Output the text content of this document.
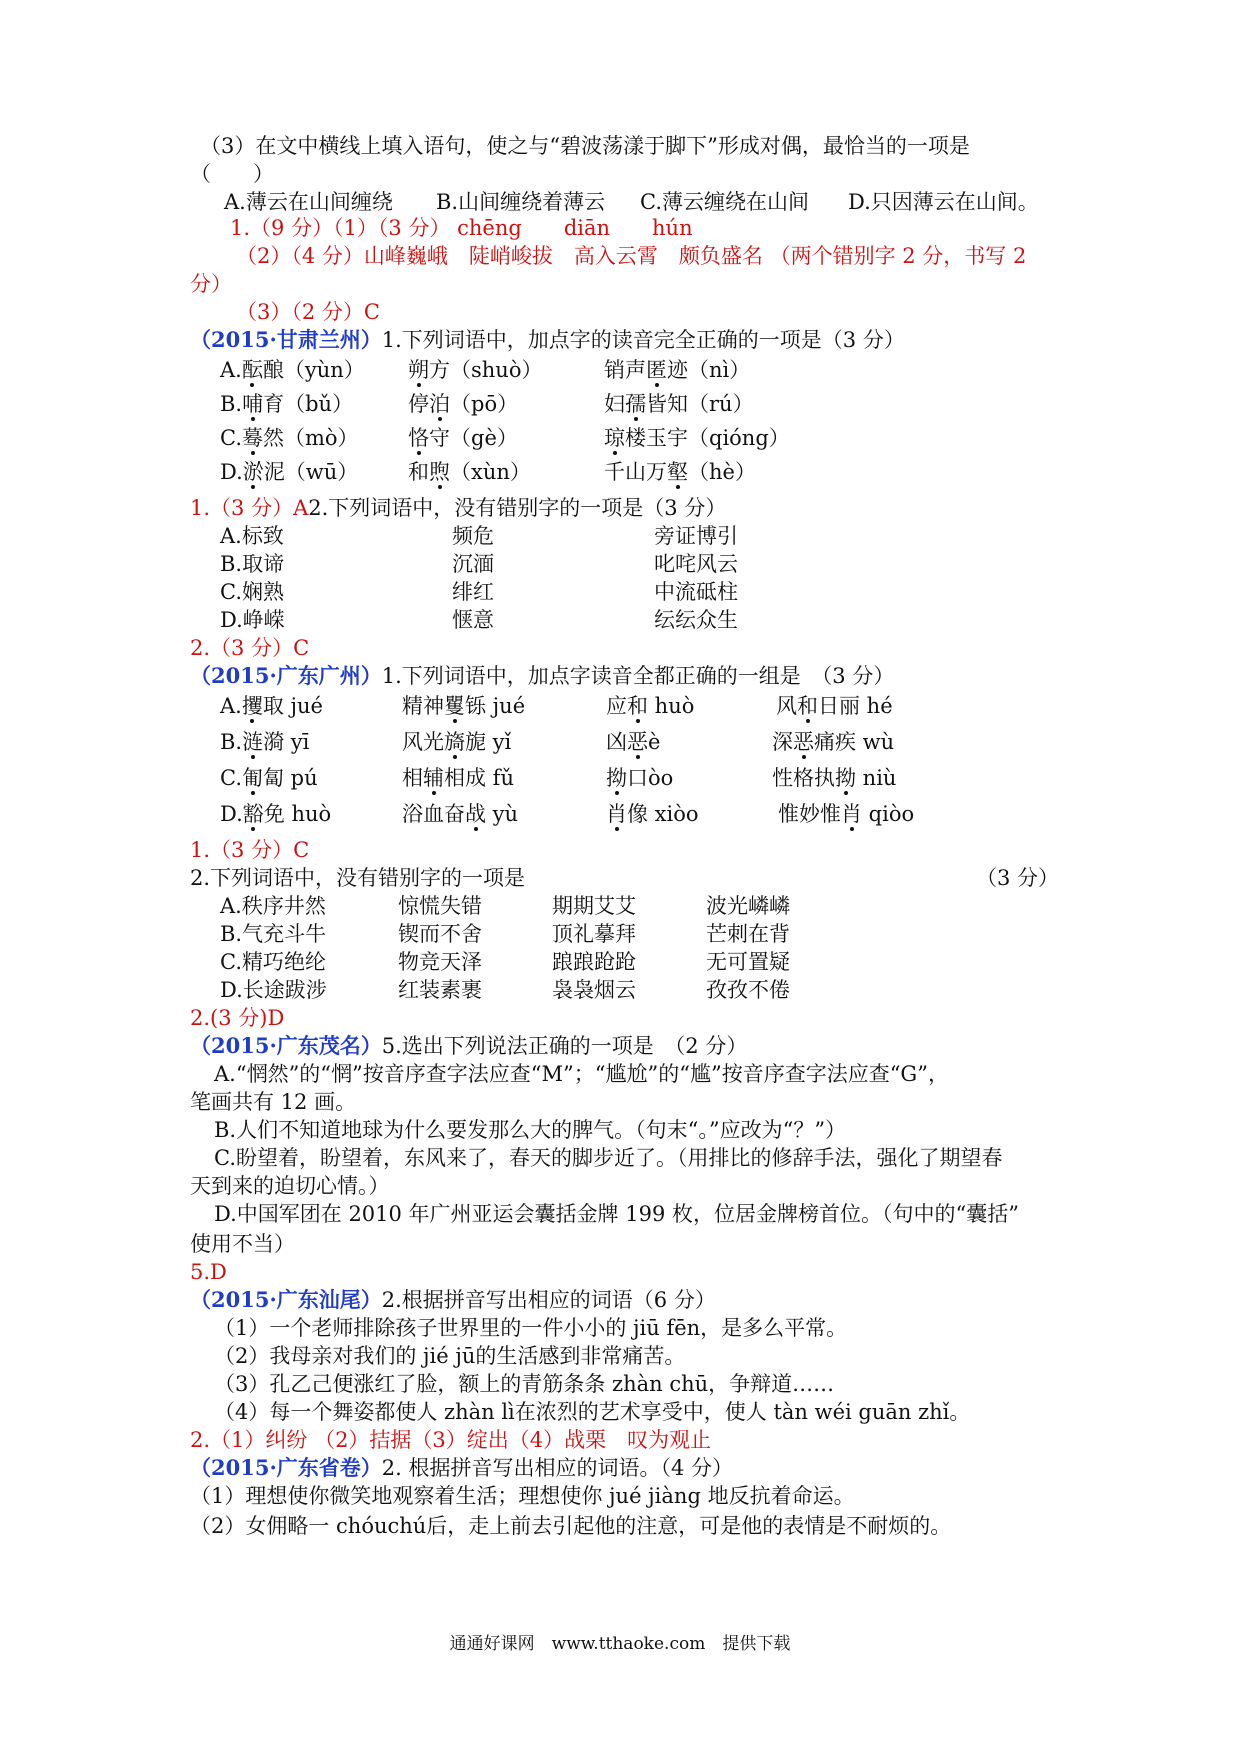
（3）在文中横线上填入语句，使之与“碧波荡漾于脚下”形成对偶，最恰当的一项是
（　　）
A.薄云在山间缠绕 B.山间缠绕着薄云 C.薄云缠绕在山间 D.只因薄云在山间。
1.（9 分）（1）（3 分） chēng　　diān　　hún
（2）（4 分）山峰巍峨　陡峭峻拔　高入云霄　颇负盛名 （两个错别字 2 分，书写 2
分）
（3）（2 分）C
（2015·甘肃兰州）1.下列词语中，加点字的读音完全正确的一项是（3 分）
A.酝酿（yùn） 朔方（shuò）	销声匿迹（nì）
B.哺育（bǔ）	停泊（pō）	妇孺皆知（rú）
C.蓦然（mò） 恪守（gè）	琼楼玉宇（qióng）
D.淤泥（wū） 和煦（xùn）	千山万壑（hè）
1.（3 分）A2.下列词语中，没有错别字的一项是（3 分）
A.标致	频危	旁证博引
B.取谛	沉湎	叱咤风云
C.娴熟	绯红	中流砥柱
D.峥嵘	惬意	纭纭众生
2.（3 分）C
（2015·广东广州）1.下列词语中，加点字读音全都正确的一组是　（3 分）
A.攫取 jué	精神矍铄 jué	应和 huò	风和日丽 hé
B.涟漪 yī	风光旖旎 yǐ	凶恶è	深恶痛疾 wù
C.匍匐 pú	相辅相成 fǔ	拗口òo	性格执拗 niù
D.豁免 huò	浴血奋战 yù	肖像 xiòo	惟妙惟肖 qiòo
1.（3 分）C
2.下列词语中，没有错别字的一项是	（3 分）
A.秩序井然	惊慌失错	期期艾艾	波光嶙嶙
B.气充斗牛	锲而不舍	顶礼摹拜	芒刺在背
C.精巧绝纶	物竞天泽	踉踉跄跄	无可置疑
D.长途跋涉	红装素裹	袅袅烟云	孜孜不倦
2.(3 分)D
（2015·广东茂名）5.选出下列说法正确的一项是　（2 分）
A.“惘然”的“惘”按音序查字法应查“M”；“尴尬”的“尴”按音序查字法应查“G”，
笔画共有 12 画。
B.人们不知道地球为什么要发那么大的脾气。（句末“。”应改为“？”）
C.盼望着，盼望着，东风来了，春天的脚步近了。（用排比的修辞手法，强化了期望春
天到来的迫切心情。）
D.中国军团在 2010 年广州亚运会囊括金牌 199 枚，位居金牌榜首位。（句中的“囊括”
使用不当）
5.D
（2015·广东汕尾）2.根据拼音写出相应的词语（6 分）
（1）一个老师排除孩子世界里的一件小小的 jiū fēn，是多么平常。
（2）我母亲对我们的 jié jū的生活感到非常痛苦。
（3）孔乙己便涨红了脸，额上的青筋条条 zhàn chū，争辩道……
（4）每一个舞姿都使人 zhàn lì在浓烈的艺术享受中，使人 tàn wéi guān zhǐ。
2.（1）纠纷 （2）拮据（3）绽出（4）战栗　叹为观止
（2015·广东省卷）2. 根据拼音写出相应的词语。（4 分）
（1）理想使你微笑地观察着生活；理想使你 jué jiàng 地反抗着命运。
（2）女佣略一 chóuchú后，走上前去引起他的注意，可是他的表情是不耐烦的。
通通好课网　www.tthaoke.com　提供下载
